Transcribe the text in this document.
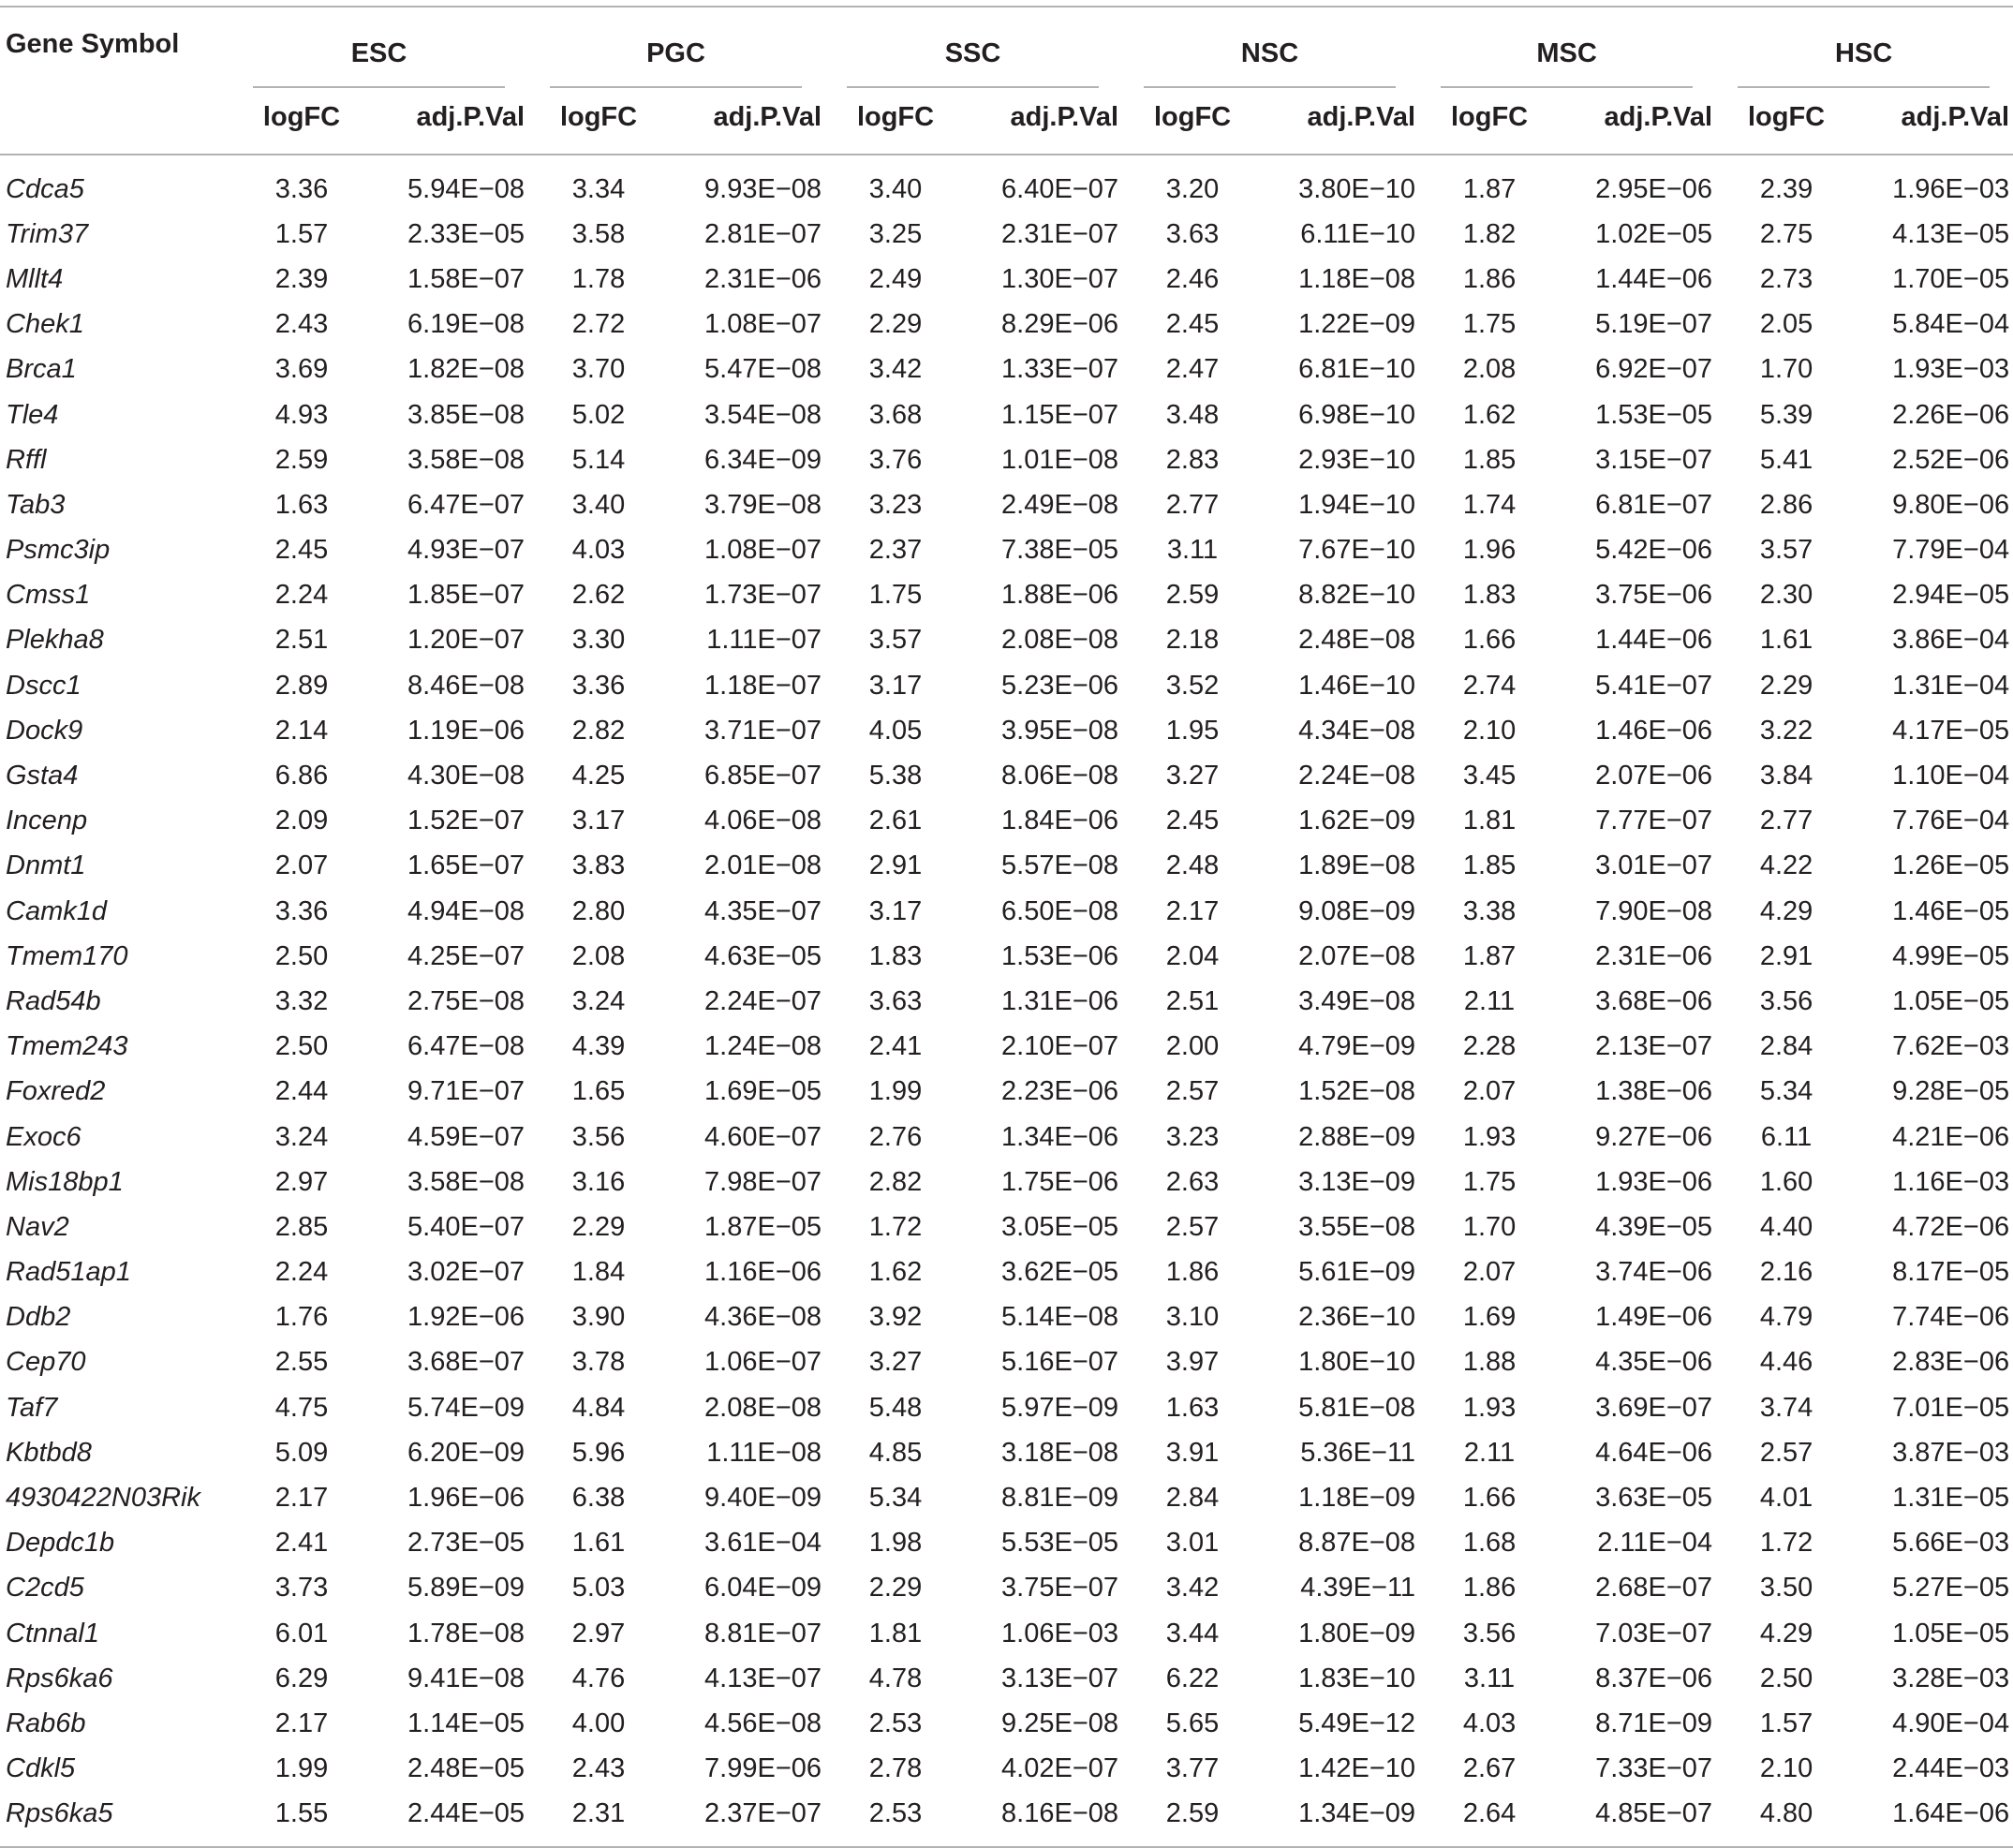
Gene Symbol	ESC		PGC		SSC		NSC		MSC		HSC	

	logFC	adj.P.Val	logFC	adj.P.Val	logFC	adj.P.Val	logFC	adj.P.Val	logFC	adj.P.Val	logFC	adj.P.Val
Cdca5	3.36	5.94E−08	3.34	9.93E−08	3.40	6.40E−07	3.20	3.80E−10	1.87	2.95E−06	2.39	1.96E−03
Trim37	1.57	2.33E−05	3.58	2.81E−07	3.25	2.31E−07	3.63	6.11E−10	1.82	1.02E−05	2.75	4.13E−05
Mllt4	2.39	1.58E−07	1.78	2.31E−06	2.49	1.30E−07	2.46	1.18E−08	1.86	1.44E−06	2.73	1.70E−05
Chek1	2.43	6.19E−08	2.72	1.08E−07	2.29	8.29E−06	2.45	1.22E−09	1.75	5.19E−07	2.05	5.84E−04
Brca1	3.69	1.82E−08	3.70	5.47E−08	3.42	1.33E−07	2.47	6.81E−10	2.08	6.92E−07	1.70	1.93E−03
Tle4	4.93	3.85E−08	5.02	3.54E−08	3.68	1.15E−07	3.48	6.98E−10	1.62	1.53E−05	5.39	2.26E−06
Rffl	2.59	3.58E−08	5.14	6.34E−09	3.76	1.01E−08	2.83	2.93E−10	1.85	3.15E−07	5.41	2.52E−06
Tab3	1.63	6.47E−07	3.40	3.79E−08	3.23	2.49E−08	2.77	1.94E−10	1.74	6.81E−07	2.86	9.80E−06
Psmc3ip	2.45	4.93E−07	4.03	1.08E−07	2.37	7.38E−05	3.11	7.67E−10	1.96	5.42E−06	3.57	7.79E−04
Cmss1	2.24	1.85E−07	2.62	1.73E−07	1.75	1.88E−06	2.59	8.82E−10	1.83	3.75E−06	2.30	2.94E−05
Plekha8	2.51	1.20E−07	3.30	1.11E−07	3.57	2.08E−08	2.18	2.48E−08	1.66	1.44E−06	1.61	3.86E−04
Dscc1	2.89	8.46E−08	3.36	1.18E−07	3.17	5.23E−06	3.52	1.46E−10	2.74	5.41E−07	2.29	1.31E−04
Dock9	2.14	1.19E−06	2.82	3.71E−07	4.05	3.95E−08	1.95	4.34E−08	2.10	1.46E−06	3.22	4.17E−05
Gsta4	6.86	4.30E−08	4.25	6.85E−07	5.38	8.06E−08	3.27	2.24E−08	3.45	2.07E−06	3.84	1.10E−04
Incenp	2.09	1.52E−07	3.17	4.06E−08	2.61	1.84E−06	2.45	1.62E−09	1.81	7.77E−07	2.77	7.76E−04
Dnmt1	2.07	1.65E−07	3.83	2.01E−08	2.91	5.57E−08	2.48	1.89E−08	1.85	3.01E−07	4.22	1.26E−05
Camk1d	3.36	4.94E−08	2.80	4.35E−07	3.17	6.50E−08	2.17	9.08E−09	3.38	7.90E−08	4.29	1.46E−05
Tmem170	2.50	4.25E−07	2.08	4.63E−05	1.83	1.53E−06	2.04	2.07E−08	1.87	2.31E−06	2.91	4.99E−05
Rad54b	3.32	2.75E−08	3.24	2.24E−07	3.63	1.31E−06	2.51	3.49E−08	2.11	3.68E−06	3.56	1.05E−05
Tmem243	2.50	6.47E−08	4.39	1.24E−08	2.41	2.10E−07	2.00	4.79E−09	2.28	2.13E−07	2.84	7.62E−03
Foxred2	2.44	9.71E−07	1.65	1.69E−05	1.99	2.23E−06	2.57	1.52E−08	2.07	1.38E−06	5.34	9.28E−05
Exoc6	3.24	4.59E−07	3.56	4.60E−07	2.76	1.34E−06	3.23	2.88E−09	1.93	9.27E−06	6.11	4.21E−06
Mis18bp1	2.97	3.58E−08	3.16	7.98E−07	2.82	1.75E−06	2.63	3.13E−09	1.75	1.93E−06	1.60	1.16E−03
Nav2	2.85	5.40E−07	2.29	1.87E−05	1.72	3.05E−05	2.57	3.55E−08	1.70	4.39E−05	4.40	4.72E−06
Rad51ap1	2.24	3.02E−07	1.84	1.16E−06	1.62	3.62E−05	1.86	5.61E−09	2.07	3.74E−06	2.16	8.17E−05
Ddb2	1.76	1.92E−06	3.90	4.36E−08	3.92	5.14E−08	3.10	2.36E−10	1.69	1.49E−06	4.79	7.74E−06
Cep70	2.55	3.68E−07	3.78	1.06E−07	3.27	5.16E−07	3.97	1.80E−10	1.88	4.35E−06	4.46	2.83E−06
Taf7	4.75	5.74E−09	4.84	2.08E−08	5.48	5.97E−09	1.63	5.81E−08	1.93	3.69E−07	3.74	7.01E−05
Kbtbd8	5.09	6.20E−09	5.96	1.11E−08	4.85	3.18E−08	3.91	5.36E−11	2.11	4.64E−06	2.57	3.87E−03
4930422N03Rik	2.17	1.96E−06	6.38	9.40E−09	5.34	8.81E−09	2.84	1.18E−09	1.66	3.63E−05	4.01	1.31E−05
Depdc1b	2.41	2.73E−05	1.61	3.61E−04	1.98	5.53E−05	3.01	8.87E−08	1.68	2.11E−04	1.72	5.66E−03
C2cd5	3.73	5.89E−09	5.03	6.04E−09	2.29	3.75E−07	3.42	4.39E−11	1.86	2.68E−07	3.50	5.27E−05
Ctnnal1	6.01	1.78E−08	2.97	8.81E−07	1.81	1.06E−03	3.44	1.80E−09	3.56	7.03E−07	4.29	1.05E−05
Rps6ka6	6.29	9.41E−08	4.76	4.13E−07	4.78	3.13E−07	6.22	1.83E−10	3.11	8.37E−06	2.50	3.28E−03
Rab6b	2.17	1.14E−05	4.00	4.56E−08	2.53	9.25E−08	5.65	5.49E−12	4.03	8.71E−09	1.57	4.90E−04
Cdkl5	1.99	2.48E−05	2.43	7.99E−06	2.78	4.02E−07	3.77	1.42E−10	2.67	7.33E−07	2.10	2.44E−03
Rps6ka5	1.55	2.44E−05	2.31	2.37E−07	2.53	8.16E−08	2.59	1.34E−09	2.64	4.85E−07	4.80	1.64E−06
